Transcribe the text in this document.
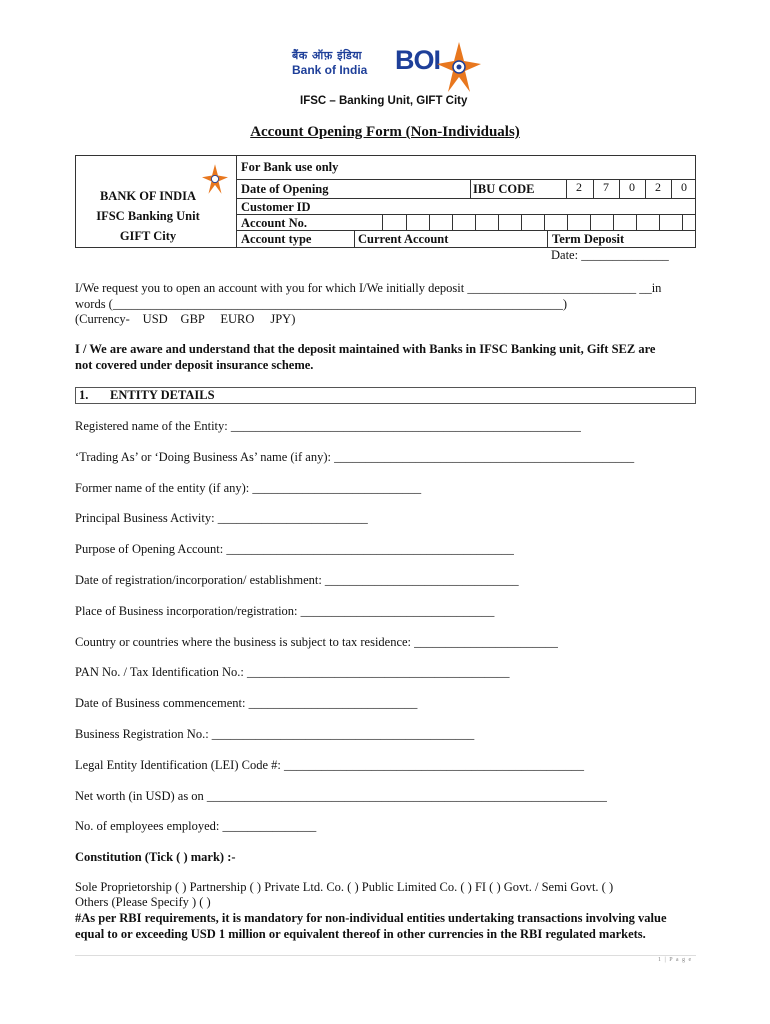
बैंक ऑफ़ इंडिया
Bank of India BOI
IFSC – Banking Unit, GIFT City
Account Opening Form (Non-Individuals)
BANK OF INDIA
IFSC Banking Unit
GIFT City
For Bank use only
Date of Opening	IBU CODE	2	7	0	2	0
Customer ID
Account No.
Account type	Current Account	Term Deposit
Date: ______________
I/We request you to open an account with you for which I/We initially deposit ___________________________ __in
words (________________________________________________________________________)
(Currency- USD GBP EURO JPY)
I / We are aware and understand that the deposit maintained with Banks in IFSC Banking unit, Gift SEZ are
not covered under deposit insurance scheme.
1. ENTITY DETAILS
Registered name of the Entity: ________________________________________________________
‘Trading As’ or ‘Doing Business As’ name (if any): ________________________________________________
Former name of the entity (if any): ___________________________
Principal Business Activity: ________________________
Purpose of Opening Account: ______________________________________________
Date of registration/incorporation/ establishment: _______________________________
Place of Business incorporation/registration: _______________________________
Country or countries where the business is subject to tax residence: _______________________
PAN No. / Tax Identification No.: __________________________________________
Date of Business commencement: ___________________________
Business Registration No.: __________________________________________
Legal Entity Identification (LEI) Code #: ________________________________________________
Net worth (in USD) as on ________________________________________________________________
No. of employees employed: _______________
Constitution (Tick ( ) mark) :-
Sole Proprietorship ( ) Partnership ( ) Private Ltd. Co. ( ) Public Limited Co. ( ) FI ( ) Govt. / Semi Govt. ( )
Others (Please Specify ) ( )
#As per RBI requirements, it is mandatory for non-individual entities undertaking transactions involving value
equal to or exceeding USD 1 million or equivalent thereof in other currencies in the RBI regulated markets.
1 | P a g e
